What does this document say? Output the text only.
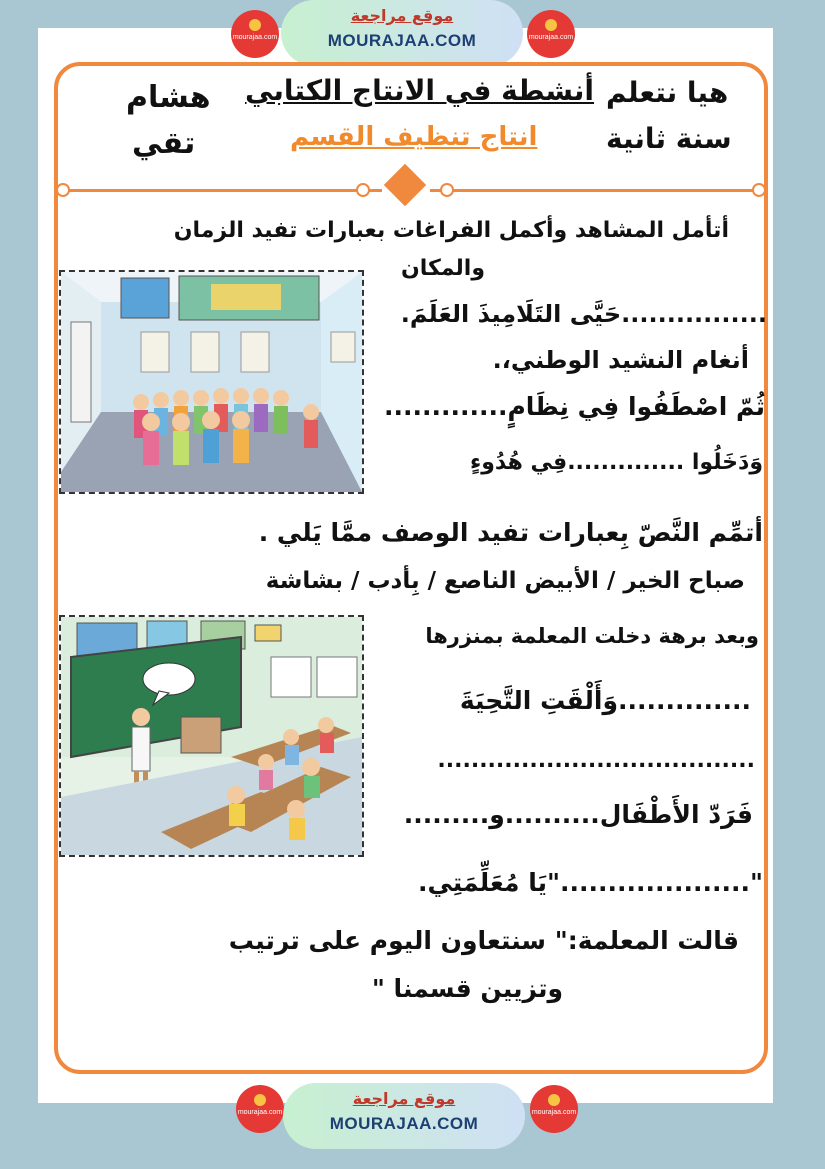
mourajaa.com
موقع مراجعة
MOURAJAA.COM	mourajaa.com
هشام
تقي
أنشطة في الانتاج الكتابي
انتاج تنظيف القسم
هيا نتعلم
سنة ثانية
أتأمل المشاهد وأكمل الفراغات بعبارات تفيد الزمان
والمكان
................حَيَّى التَلَامِيذَ العَلَمَ.
أنغام النشيد الوطني،.
ثُمّ اصْطَفُوا فِي نِظَامٍ.............
وَدَخَلُوا ..............فِي هُدُوءٍ
أتمِّم النَّصّ بِعبارات تفيد الوصف ممَّا يَلي .
صباح الخير / الأبيض الناصع / بِأدب / بشاشة
وبعد برهة دخلت المعلمة بمنزرها
..............وَأَلْقَتِ التَّحِيَةَ
......................................
فَرَدّ الأَطْفَال..........و.........
"...................."يَا مُعَلِّمَتِي.
قالت المعلمة:" سنتعاون اليوم على ترتيب
وتزيين قسمنا "
mourajaa.com
موقع مراجعة
MOURAJAA.COM
mourajaa.com
